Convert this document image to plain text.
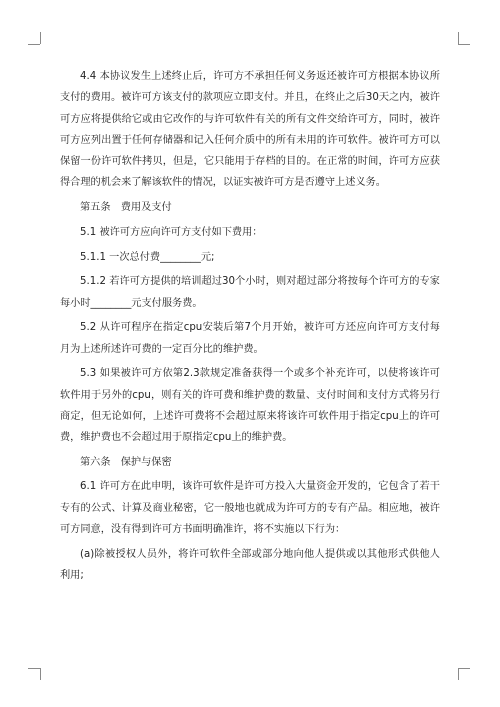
4.4 本协议发生上述终止后，许可方不承担任何义务返还被许可方根据本协议所支付的费用。被许可方该支付的款项应立即支付。并且，在终止之后30天之内，被许可方应将提供给它或由它改作的与许可软件有关的所有文件交给许可方，同时，被许可方应列出置于任何存储器和记入任何介质中的所有未用的许可软件。被许可方可以保留一份许可软件拷贝，但是，它只能用于存档的目的。在正常的时间，许可方应获得合理的机会来了解该软件的情况，以证实被许可方是否遵守上述义务。

第五条　费用及支付

5.1 被许可方应向许可方支付如下费用：

5.1.1 一次总付费________元;

5.1.2 若许可方提供的培训超过30个小时，则对超过部分将按每个许可方的专家每小时________元支付服务费。

5.2 从许可程序在指定cpu安装后第7个月开始，被许可方还应向许可方支付每月为上述所述许可费的一定百分比的维护费。

5.3 如果被许可方依第2.3款规定准备获得一个或多个补充许可，以使将该许可软件用于另外的cpu，则有关的许可费和维护费的数量、支付时间和支付方式将另行商定，但无论如何，上述许可费将不会超过原来将该许可软件用于指定cpu上的许可费，维护费也不会超过用于原指定cpu上的维护费。

第六条　保护与保密

6.1 许可方在此申明，该许可软件是许可方投入大量资金开发的，它包含了若干专有的公式、计算及商业秘密，它一般地也就成为许可方的专有产品。相应地，被许可方同意，没有得到许可方书面明确准许，将不实施以下行为：

(a)除被授权人员外，将许可软件全部或部分地向他人提供或以其他形式供他人利用;
